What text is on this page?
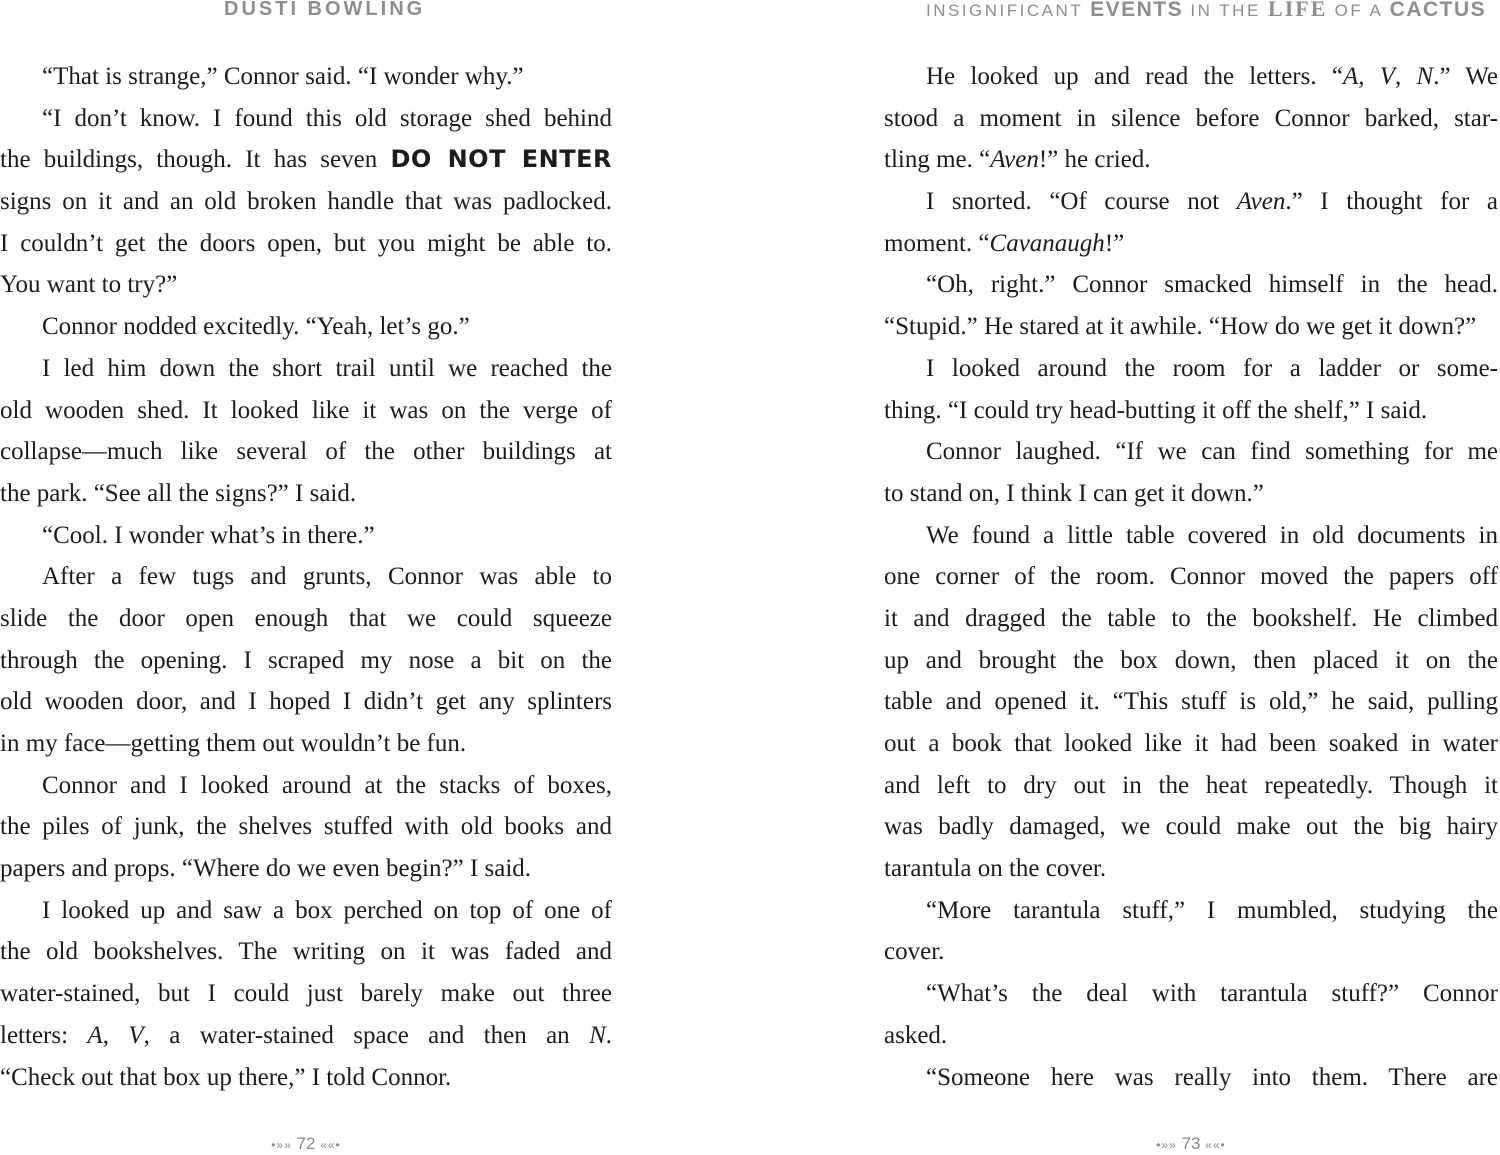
DUSTI BOWLING
“That is strange,” Connor said. “I wonder why.”
“I don’t know. I found this old storage shed behind
the buildings, though. It has seven DO NOT ENTER
signs on it and an old broken handle that was padlocked.
I couldn’t get the doors open, but you might be able to.
You want to try?”
Connor nodded excitedly. “Yeah, let’s go.”
I led him down the short trail until we reached the
old wooden shed. It looked like it was on the verge of
collapse—much like several of the other buildings at
the park. “See all the signs?” I said.
“Cool. I wonder what’s in there.”
After a few tugs and grunts, Connor was able to
slide the door open enough that we could squeeze
through the opening. I scraped my nose a bit on the
old wooden door, and I hoped I didn’t get any splinters
in my face—getting them out wouldn’t be fun.
Connor and I looked around at the stacks of boxes,
the piles of junk, the shelves stuffed with old books and
papers and props. “Where do we even begin?” I said.
I looked up and saw a box perched on top of one of
the old bookshelves. The writing on it was faded and
water-stained, but I could just barely make out three
letters: A, V, a water-stained space and then an N.
“Check out that box up there,” I told Connor.
•»» 72 ««•
INSIGNIFICANT EVENTS IN THE LIFE OF A CACTUS
He looked up and read the letters. “A, V, N.” We
stood a moment in silence before Connor barked, star-
tling me. “Aven!” he cried.
I snorted. “Of course not Aven.” I thought for a
moment. “Cavanaugh!”
“Oh, right.” Connor smacked himself in the head.
“Stupid.” He stared at it awhile. “How do we get it down?”
I looked around the room for a ladder or some-
thing. “I could try head-butting it off the shelf,” I said.
Connor laughed. “If we can find something for me
to stand on, I think I can get it down.”
We found a little table covered in old documents in
one corner of the room. Connor moved the papers off
it and dragged the table to the bookshelf. He climbed
up and brought the box down, then placed it on the
table and opened it. “This stuff is old,” he said, pulling
out a book that looked like it had been soaked in water
and left to dry out in the heat repeatedly. Though it
was badly damaged, we could make out the big hairy
tarantula on the cover.
“More tarantula stuff,” I mumbled, studying the
cover.
“What’s the deal with tarantula stuff?” Connor
asked.
“Someone here was really into them. There are
•»» 73 ««•
